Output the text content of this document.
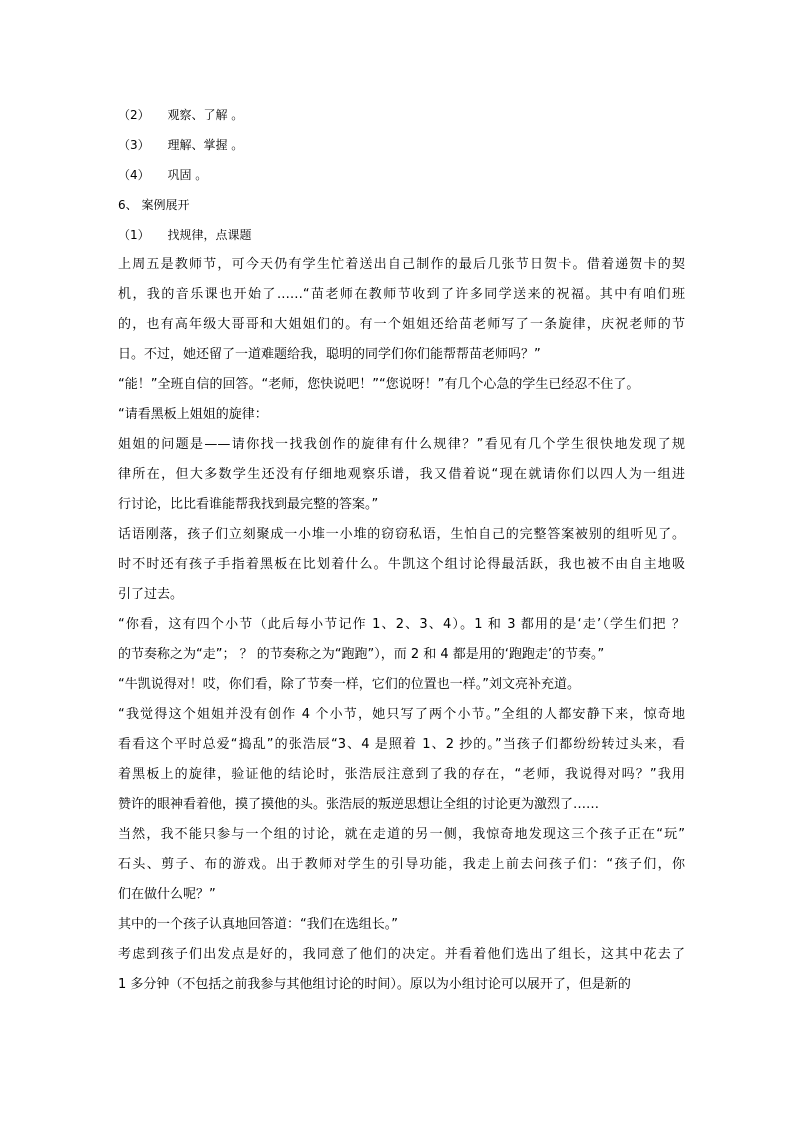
（2） 观察、了解 。
（3） 理解、掌握 。
（4） 巩固 。
6、 案例展开
（1） 找规律，点课题
上周五是教师节，可今天仍有学生忙着送出自己制作的最后几张节日贺卡。借着递贺卡的契
机，我的音乐课也开始了……“苗老师在教师节收到了许多同学送来的祝福。其中有咱们班
的，也有高年级大哥哥和大姐姐们的。有一个姐姐还给苗老师写了一条旋律，庆祝老师的节
日。不过，她还留了一道难题给我，聪明的同学们你们能帮帮苗老师吗？”
“能！”全班自信的回答。“老师，您快说吧！”“您说呀！”有几个心急的学生已经忍不住了。
“请看黑板上姐姐的旋律：
姐姐的问题是——请你找一找我创作的旋律有什么规律？”看见有几个学生很快地发现了规
律所在，但大多数学生还没有仔细地观察乐谱，我又借着说“现在就请你们以四人为一组进
行讨论，比比看谁能帮我找到最完整的答案。”
话语刚落，孩子们立刻聚成一小堆一小堆的窃窃私语，生怕自己的完整答案被别的组听见了。
时不时还有孩子手指着黑板在比划着什么。牛凯这个组讨论得最活跃，我也被不由自主地吸
引了过去。
“你看，这有四个小节（此后每小节记作 1、2、3、4）。1 和 3 都用的是‘走’（学生们把 ？
的节奏称之为“走”； ？ 的节奏称之为“跑跑”），而 2 和 4 都是用的‘跑跑走’的节奏。”
“牛凯说得对！哎，你们看，除了节奏一样，它们的位置也一样。”刘文亮补充道。
“我觉得这个姐姐并没有创作 4 个小节，她只写了两个小节。”全组的人都安静下来，惊奇地
看看这个平时总爱“捣乱”的张浩辰“3、4 是照着 1、2 抄的。”当孩子们都纷纷转过头来，看
着黑板上的旋律，验证他的结论时，张浩辰注意到了我的存在，“老师，我说得对吗？”我用
赞许的眼神看着他，摸了摸他的头。张浩辰的叛逆思想让全组的讨论更为激烈了……
当然，我不能只参与一个组的讨论，就在走道的另一侧，我惊奇地发现这三个孩子正在“玩”
石头、剪子、布的游戏。出于教师对学生的引导功能，我走上前去问孩子们：“孩子们，你
们在做什么呢？”
其中的一个孩子认真地回答道：“我们在选组长。”
考虑到孩子们出发点是好的，我同意了他们的决定。并看着他们选出了组长，这其中花去了
1 多分钟（不包括之前我参与其他组讨论的时间）。原以为小组讨论可以展开了，但是新的
